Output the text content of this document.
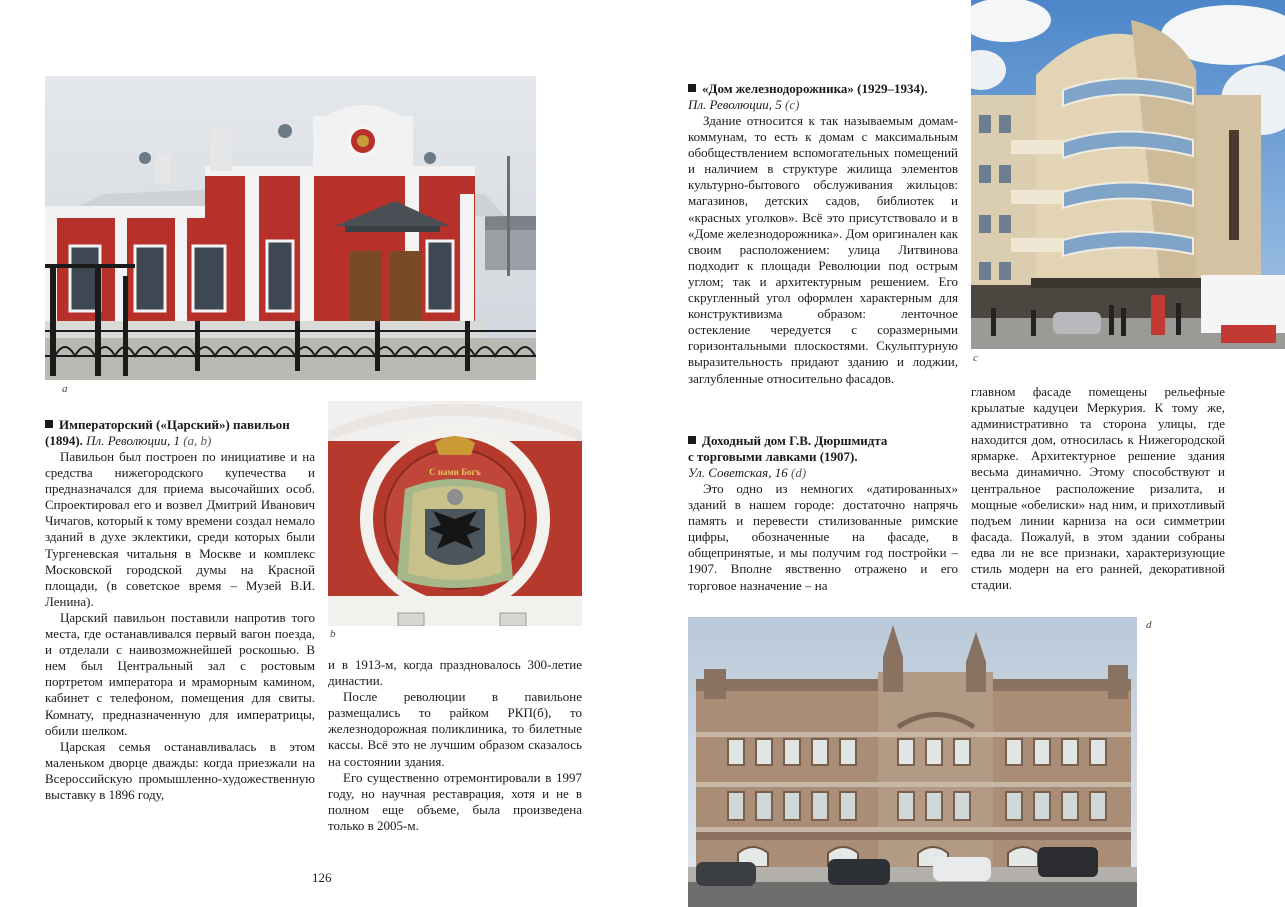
a
С нами Богъ
b
c
d
Императорский («Царский») павильон
(1894). Пл. Революции, 1 (a, b)

Павильон был построен по инициативе и на средства нижегородского купечества и предназначался для приема высочайших особ. Спроектировал его и возвел Дмитрий Иванович Чичагов, который к тому времени создал немало зданий в духе эклектики, среди которых были Тургеневская читальня в Москве и комплекс Московской городской думы на Красной площади, (в советское время – Музей В.И. Ленина).

Царский павильон поставили напротив того места, где останавливался первый вагон поезда, и отделали с наивозможнейшей роскошью. В нем был Центральный зал с ростовым портретом императора и мраморным камином, кабинет с телефоном, помещения для свиты. Комнату, предназначенную для императрицы, обили шелком.

Царская семья останавливалась в этом маленьком дворце дважды: когда приезжали на Всероссийскую промышленно-художественную выставку в 1896 году,

и в 1913-м, когда праздновалось 300-летие династии.

После революции в павильоне размещались то райком РКП(б), то железнодорожная поликлиника, то билетные кассы. Всё это не лучшим образом сказалось на состоянии здания.

Его существенно отремонтировали в 1997 году, но научная реставрация, хотя и не в полном еще объеме, была произведена только в 2005-м.

126
«Дом железнодорожника» (1929–1934).
Пл. Революции, 5 (c)

Здание относится к так называемым домам-коммунам, то есть к домам с максимальным обобществлением вспомогательных помещений и наличием в структуре жилища элементов культурно-бытового обслуживания жильцов: магазинов, детских садов, библиотек и «красных уголков». Всё это присутствовало и в «Доме железнодорожника». Дом оригинален как своим расположением: улица Литвинова подходит к площади Революции под острым углом; так и архитектурным решением. Его скругленный угол оформлен характерным для конструктивизма образом: ленточное остекление чередуется с соразмерными горизонтальными плоскостями. Скульптурную выразительность придают зданию и лоджии, заглубленные относительно фасадов.

Доходный дом Г.В. Дюршмидта
с торговыми лавками (1907).
Ул. Советская, 16 (d)

Это одно из немногих «датированных» зданий в нашем городе: достаточно напрячь память и перевести стилизованные римские цифры, обозначенные на фасаде, в общепринятые, и мы получим год постройки – 1907. Вполне явственно отражено и его торговое назначение – на

главном фасаде помещены рельефные крылатые кадуцеи Меркурия. К тому же, административно та сторона улицы, где находится дом, относилась к Нижегородской ярмарке. Архитектурное решение здания весьма динамично. Этому способствуют и центральное расположение ризалита, и мощные «обелиски» над ним, и прихотливый подъем линии карниза на оси симметрии фасада. Пожалуй, в этом здании собраны едва ли не все признаки, характеризующие стиль модерн на его ранней, декоративной стадии.
